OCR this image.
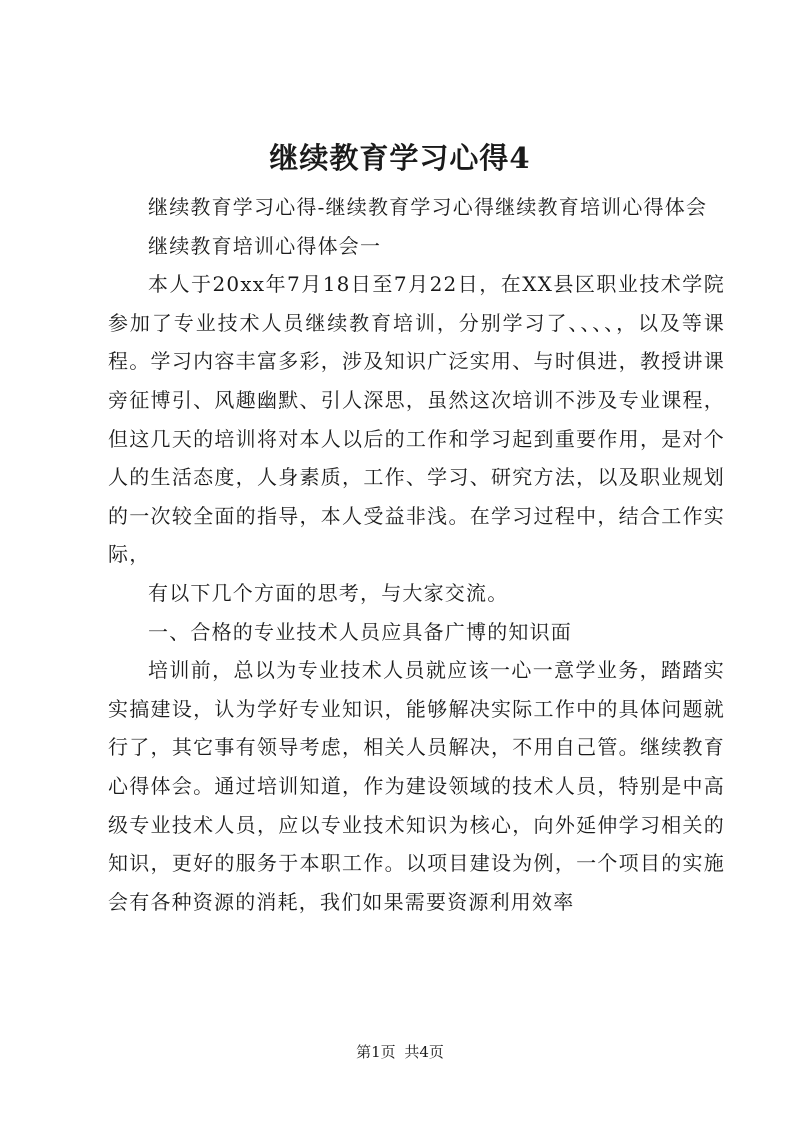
继续教育学习心得4

继续教育学习心得-继续教育学习心得继续教育培训心得体会

继续教育培训心得体会一

本人于20xx年7月18日至7月22日，在XX县区职业技术学院参加了专业技术人员继续教育培训，分别学习了、、、、，以及等课程。学习内容丰富多彩，涉及知识广泛实用、与时俱进，教授讲课旁征博引、风趣幽默、引人深思，虽然这次培训不涉及专业课程，但这几天的培训将对本人以后的工作和学习起到重要作用，是对个人的生活态度，人身素质，工作、学习、研究方法，以及职业规划的一次较全面的指导，本人受益非浅。在学习过程中，结合工作实际，

有以下几个方面的思考，与大家交流。

一、合格的专业技术人员应具备广博的知识面

培训前，总以为专业技术人员就应该一心一意学业务，踏踏实实搞建设，认为学好专业知识，能够解决实际工作中的具体问题就行了，其它事有领导考虑，相关人员解决，不用自己管。继续教育心得体会。通过培训知道，作为建设领域的技术人员，特别是中高级专业技术人员，应以专业技术知识为核心，向外延伸学习相关的知识，更好的服务于本职工作。以项目建设为例，一个项目的实施会有各种资源的消耗，我们如果需要资源利用效率

第1页 共4页
